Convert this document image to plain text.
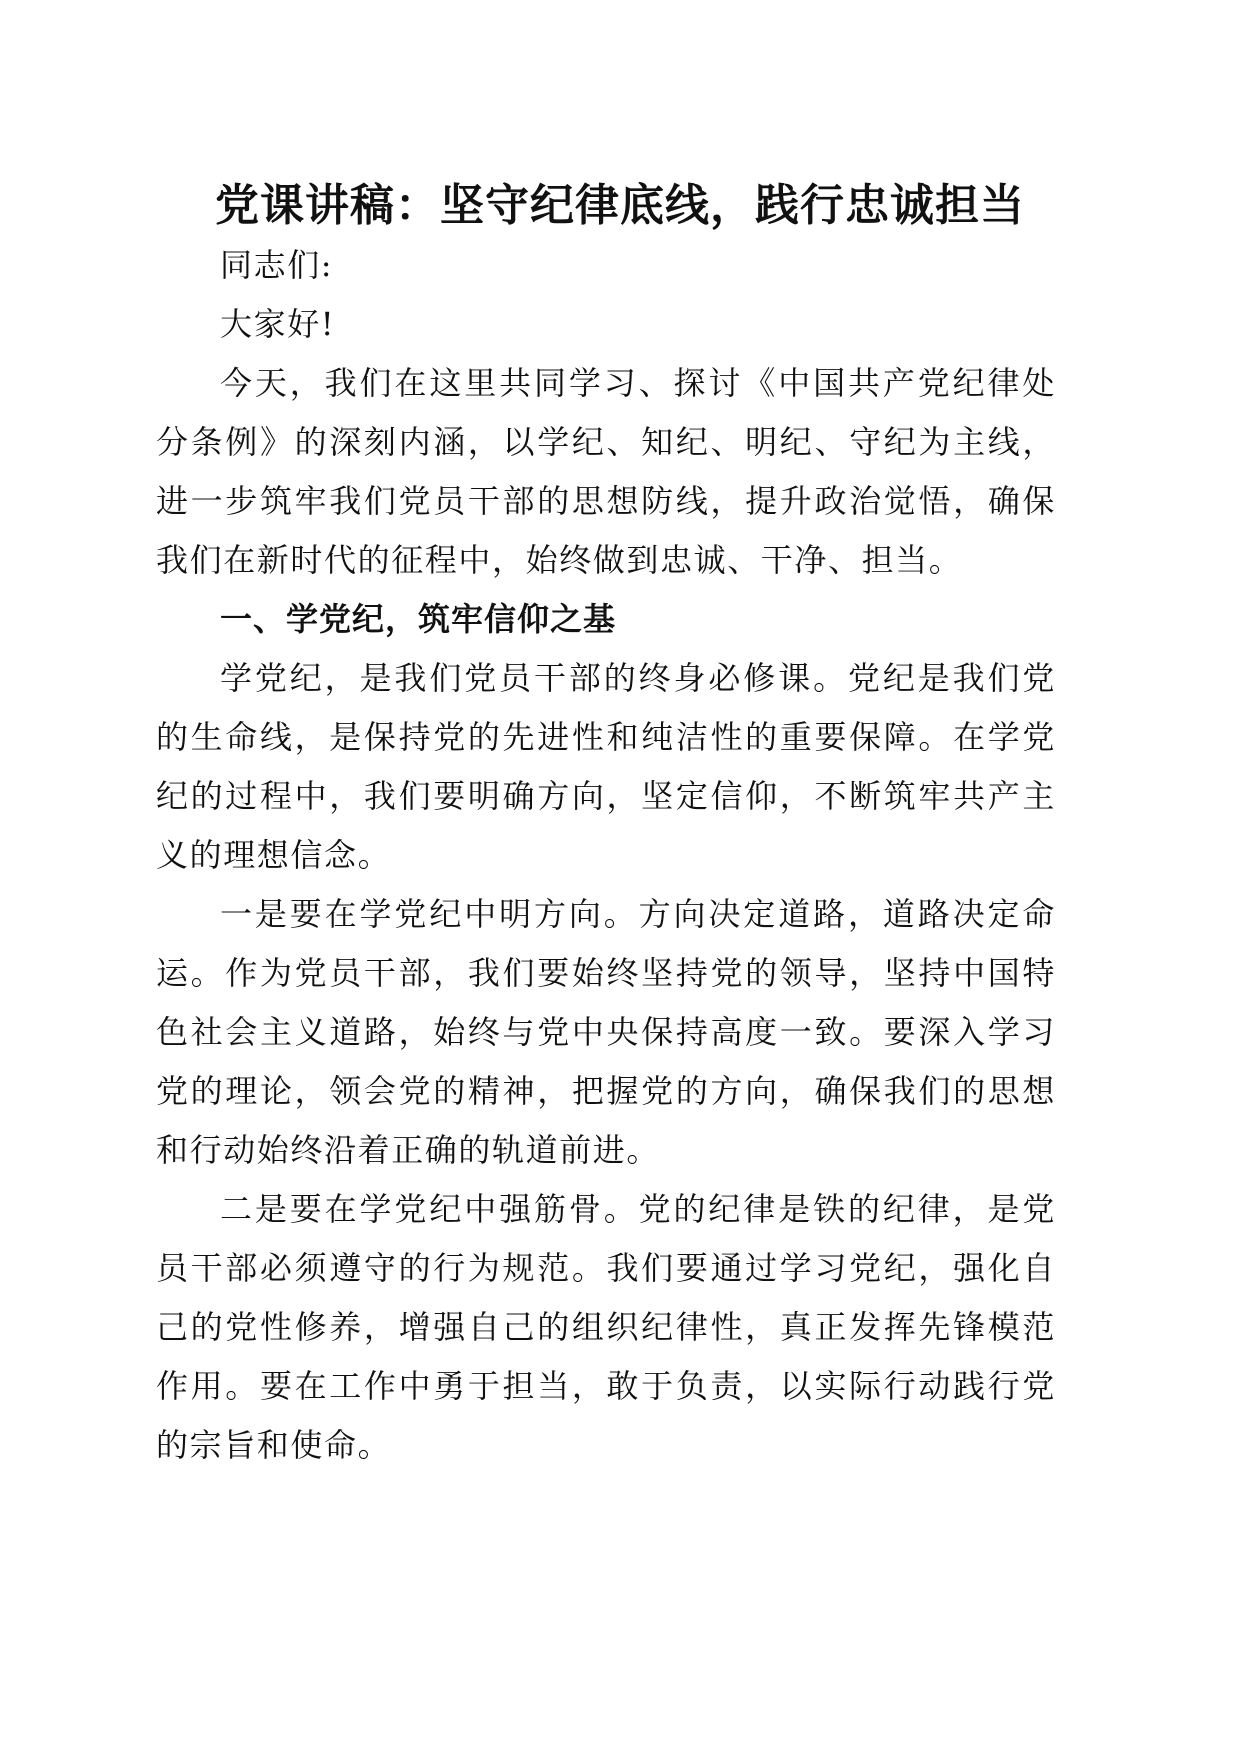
党课讲稿：坚守纪律底线，践行忠诚担当

同志们:

大家好!

今天，我们在这里共同学习、探讨《中国共产党纪律处分条例》的深刻内涵，以学纪、知纪、明纪、守纪为主线，进一步筑牢我们党员干部的思想防线，提升政治觉悟，确保我们在新时代的征程中，始终做到忠诚、干净、担当。

一、学党纪，筑牢信仰之基

学党纪，是我们党员干部的终身必修课。党纪是我们党的生命线，是保持党的先进性和纯洁性的重要保障。在学党纪的过程中，我们要明确方向，坚定信仰，不断筑牢共产主义的理想信念。

一是要在学党纪中明方向。方向决定道路，道路决定命运。作为党员干部，我们要始终坚持党的领导，坚持中国特色社会主义道路，始终与党中央保持高度一致。要深入学习党的理论，领会党的精神，把握党的方向，确保我们的思想和行动始终沿着正确的轨道前进。

二是要在学党纪中强筋骨。党的纪律是铁的纪律，是党员干部必须遵守的行为规范。我们要通过学习党纪，强化自己的党性修养，增强自己的组织纪律性，真正发挥先锋模范作用。要在工作中勇于担当，敢于负责，以实际行动践行党的宗旨和使命。
